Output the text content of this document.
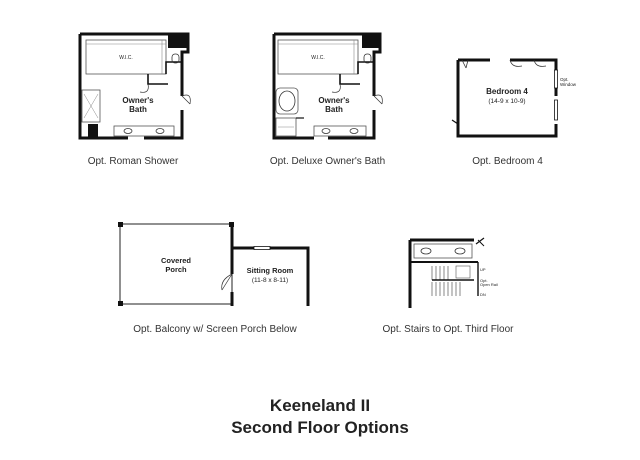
W.I.C.
Owner's
Bath
Opt. Roman Shower
W.I.C.
Owner's
Bath
Opt. Deluxe Owner's Bath
Bedroom 4
(14-9 x 10-9)
Opt.
Window
Opt. Bedroom 4
Covered
Porch	Sitting Room
(11-8 x 8-11)
Opt. Balcony w/ Screen Porch Below
UP
Opt.
Open Rail
DN
Opt. Stairs to Opt. Third Floor
Keeneland II
Second Floor Options
